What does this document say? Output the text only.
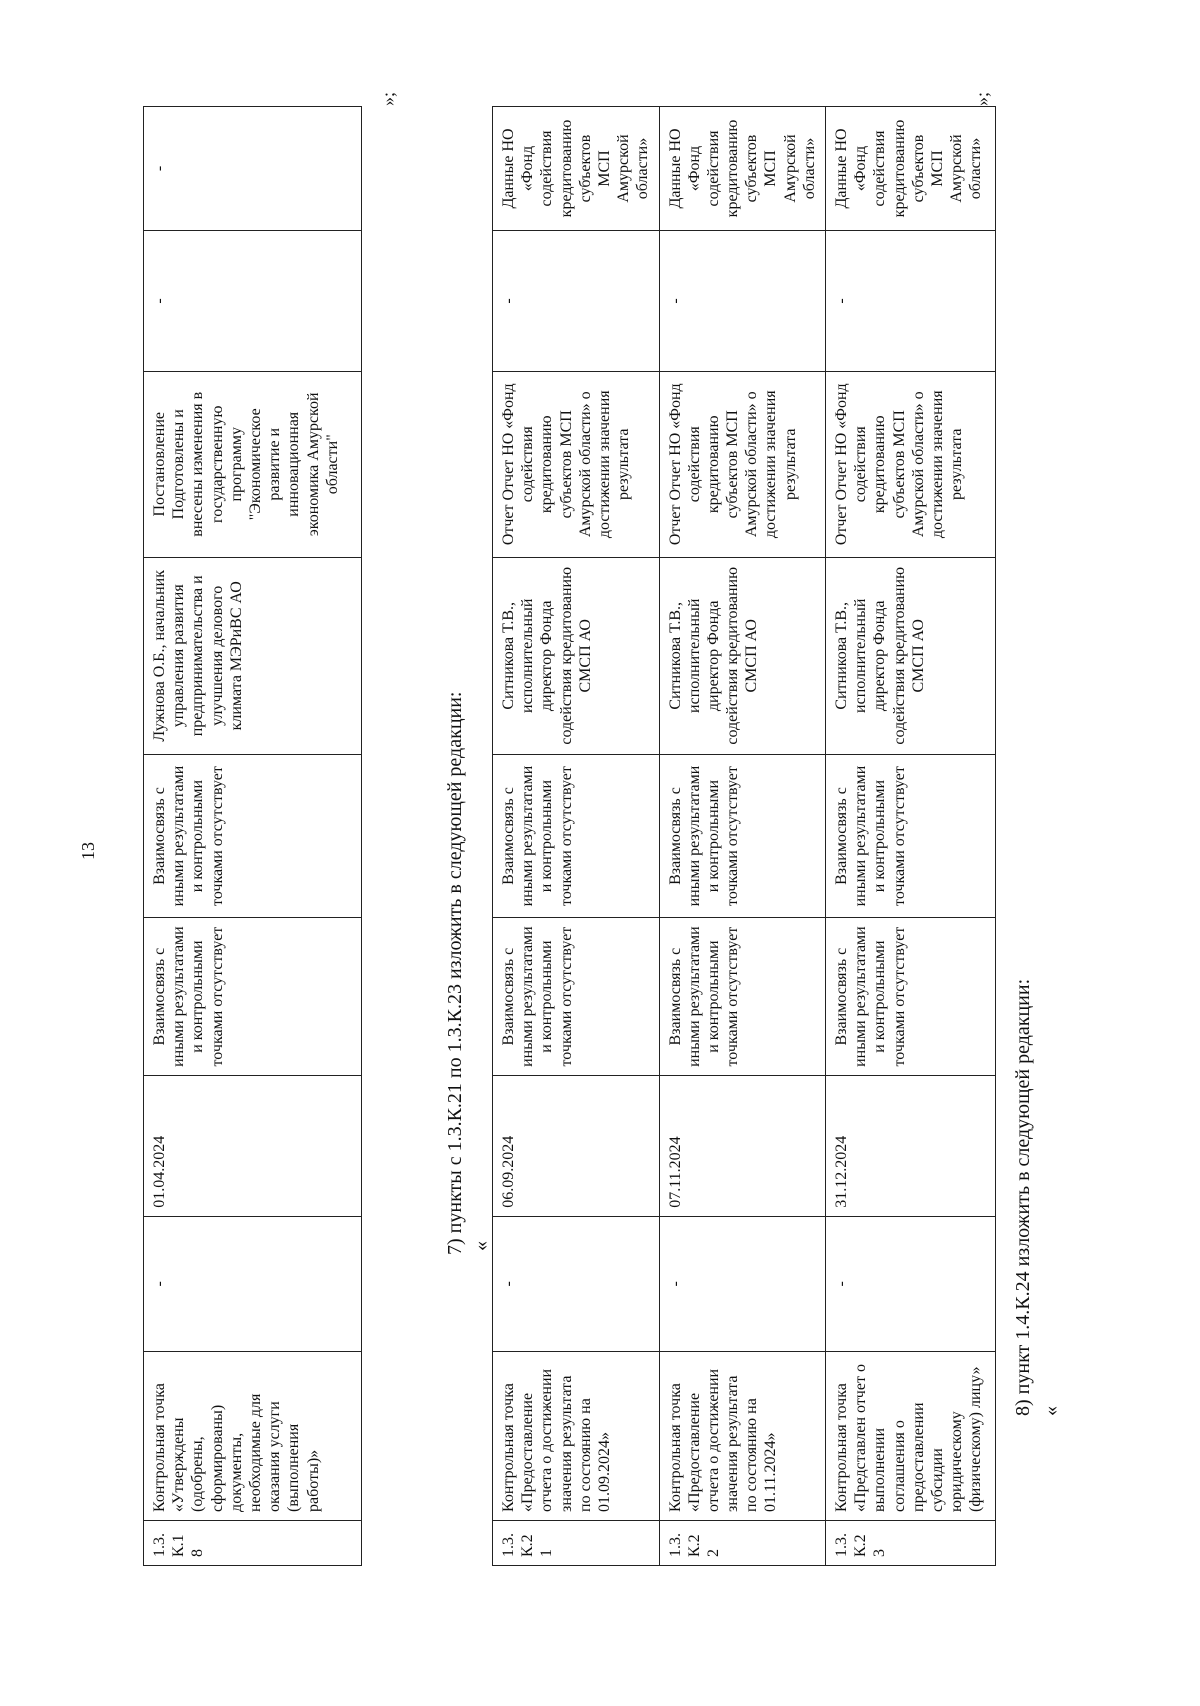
13
1.3. К.18	Контрольная точка «Утверждены (одобрены, сформированы) документы, необходимые для оказания услуги (выполнения работы)»	-	01.04.2024	Взаимосвязь с иными результатами и контрольными точками отсутствует	Взаимосвязь с иными результатами и контрольными точками отсутствует	Лужнова О.Б., начальник управления развития предпринимательства и улучшения делового климата МЭРиВС АО	Постановление Подготовлены и внесены изменения в государственную программу "Экономическое развитие и инновационная экономика Амурской области"	-	-
»;
7) пункты с 1.3.К.21 по 1.3.К.23 изложить в следующей редакции: «
1.3. К.21	Контрольная точка «Предоставление отчета о достижении значения результата по состоянию на 01.09.2024»	-	06.09.2024	Взаимосвязь с иными результатами и контрольными точками отсутствует	Взаимосвязь с иными результатами и контрольными точками отсутствует	Ситникова Т.В., исполнительный директор Фонда содействия кредитованию СМСП АО	Отчет Отчет НО «Фонд содействия кредитованию субъектов МСП Амурской области» о достижении значения результата	-	Данные НО «Фонд содействия кредитованию субъектов МСП Амурской области»
1.3. К.22	Контрольная точка «Предоставление отчета о достижении значения результата по состоянию на 01.11.2024»	-	07.11.2024	Взаимосвязь с иными результатами и контрольными точками отсутствует	Взаимосвязь с иными результатами и контрольными точками отсутствует	Ситникова Т.В., исполнительный директор Фонда содействия кредитованию СМСП АО	Отчет Отчет НО «Фонд содействия кредитованию субъектов МСП Амурской области» о достижении значения результата	-	Данные НО «Фонд содействия кредитованию субъектов МСП Амурской области»
1.3. К.23	Контрольная точка «Представлен отчет о выполнении соглашения о предоставлении субсидии юридическому (физическому) лицу»	-	31.12.2024	Взаимосвязь с иными результатами и контрольными точками отсутствует	Взаимосвязь с иными результатами и контрольными точками отсутствует	Ситникова Т.В., исполнительный директор Фонда содействия кредитованию СМСП АО	Отчет Отчет НО «Фонд содействия кредитованию субъектов МСП Амурской области» о достижении значения результата	-	Данные НО «Фонд содействия кредитованию субъектов МСП Амурской области»
»;
8) пункт 1.4.К.24 изложить в следующей редакции: «
